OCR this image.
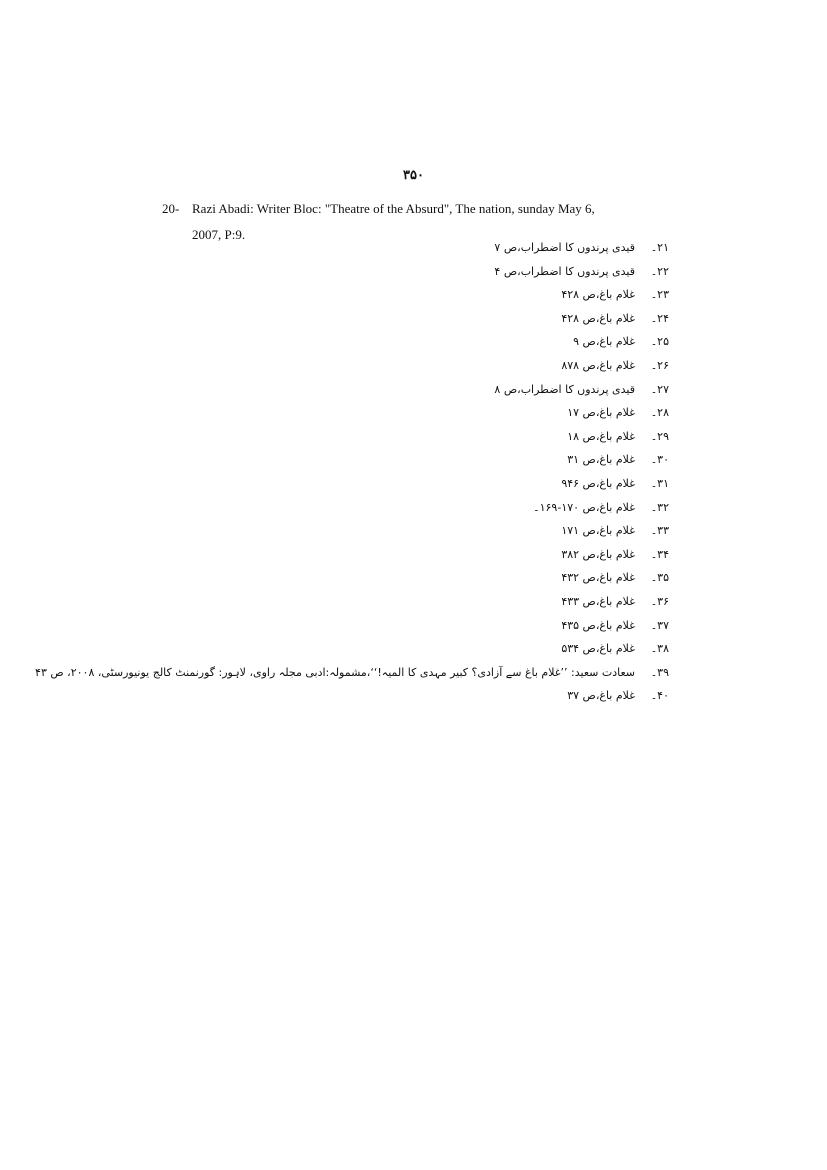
۳۵۰
20- Razi Abadi: Writer Bloc: "Theatre of the Absurd", The nation, sunday May 6,
2007, P:9.
۲۱۔قیدی پرندوں کا اضطراب،ص ۷
۲۲۔قیدی پرندوں کا اضطراب،ص ۴
۲۳۔غلام باغ،ص ۴۲۸
۲۴۔غلام باغ،ص ۴۲۸
۲۵۔غلام باغ،ص ۹
۲۶۔غلام باغ،ص ۸۷۸
۲۷۔قیدی پرندوں کا اضطراب،ص ۸
۲۸۔غلام باغ،ص ۱۷
۲۹۔غلام باغ،ص ۱۸
۳۰۔غلام باغ،ص ۳۱
۳۱۔غلام باغ،ص ۹۴۶
۳۲۔غلام باغ،ص ۱۷۰-۱۶۹۔
۳۳۔غلام باغ،ص ۱۷۱
۳۴۔غلام باغ،ص ۳۸۲
۳۵۔غلام باغ،ص ۴۳۲
۳۶۔غلام باغ،ص ۴۳۳
۳۷۔غلام باغ،ص ۴۳۵
۳۸۔غلام باغ،ص ۵۳۴
۳۹۔سعادت سعید: ’’غلام باغ سے آزادی؟ کبیر مہدی کا المیہ!‘‘،مشمولہ:ادبی مجلہ راوی، لاہور: گورنمنٹ کالج یونیورسٹی، ۲۰۰۸، ص ۴۳
۴۰۔غلام باغ،ص ۳۷
